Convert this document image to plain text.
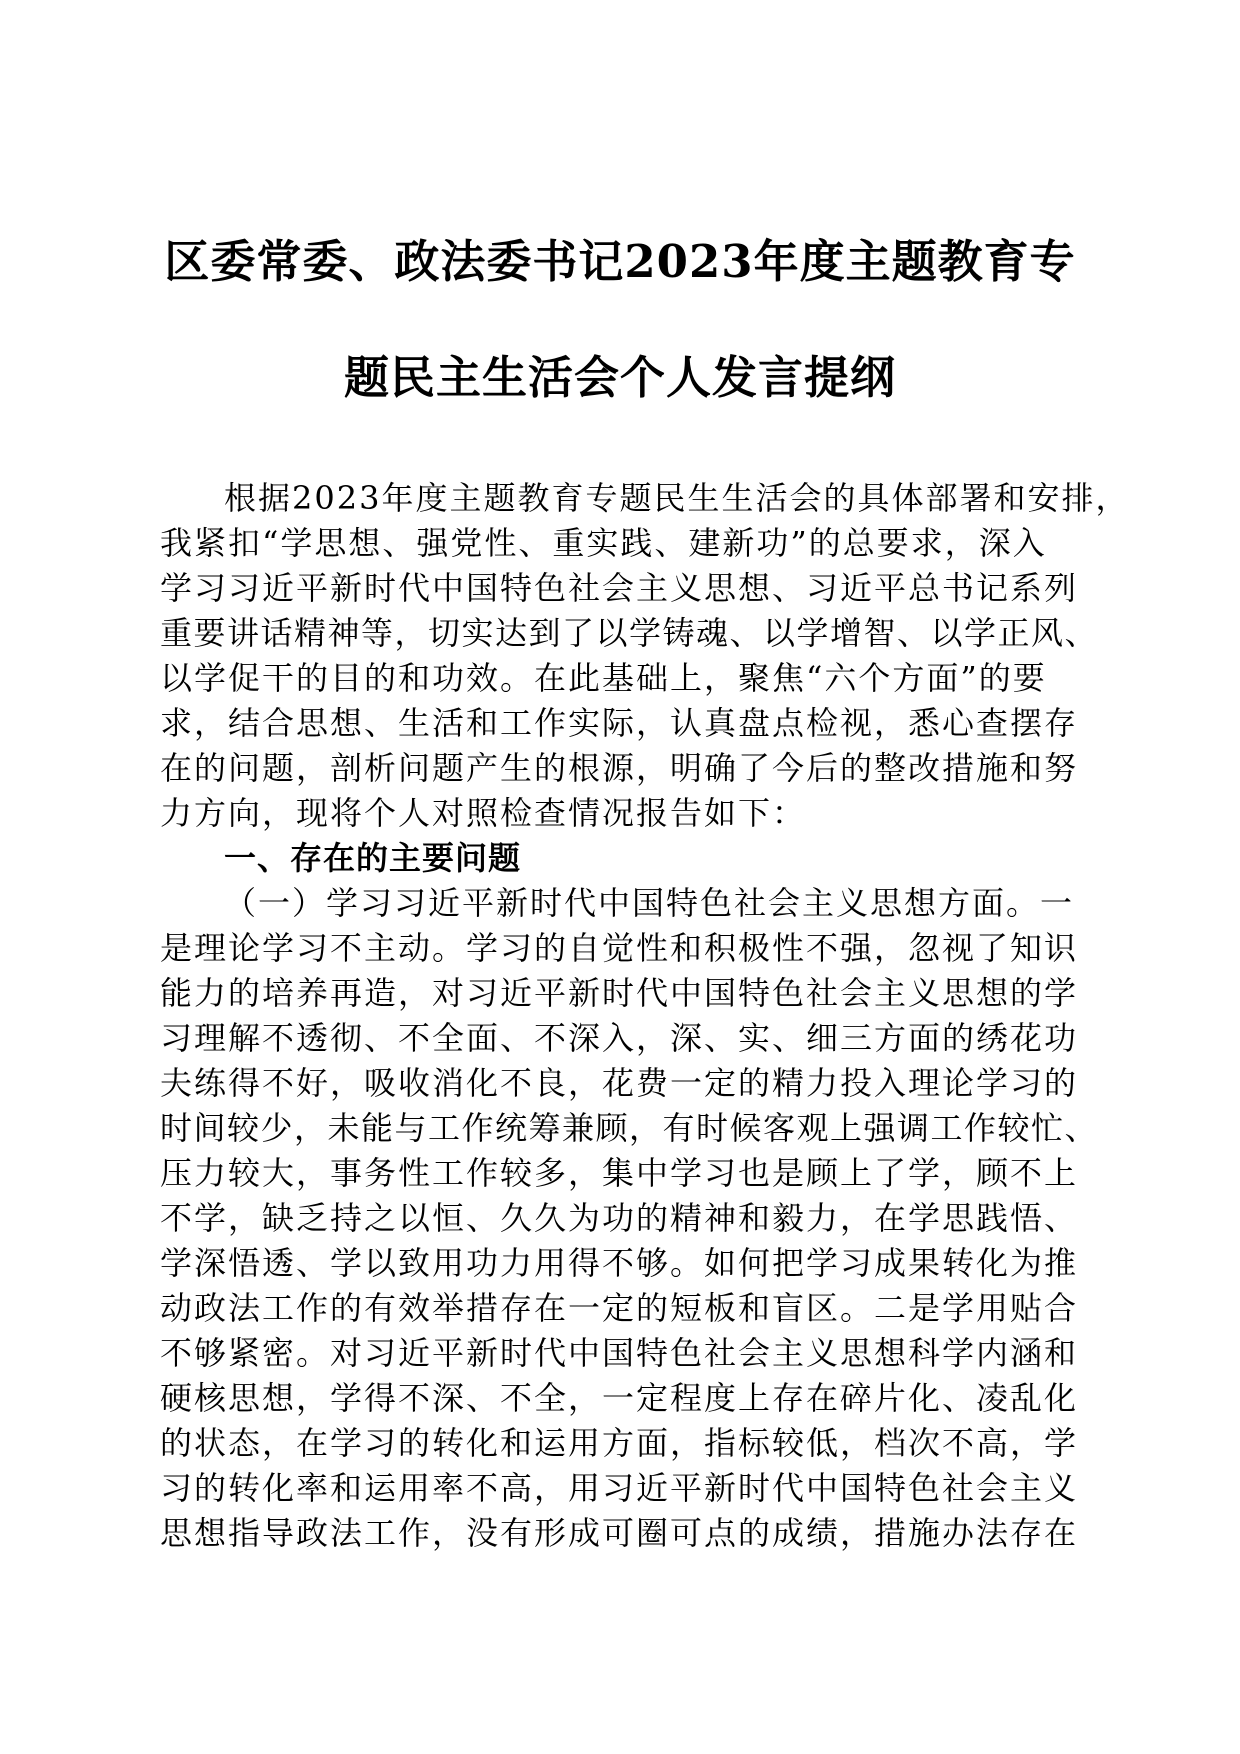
区委常委、政法委书记2023年度主题教育专
题民主生活会个人发言提纲
根据2023年度主题教育专题民生生活会的具体部署和安排，
我紧扣“学思想、强党性、重实践、建新功”的总要求，深入
学习习近平新时代中国特色社会主义思想、习近平总书记系列
重要讲话精神等，切实达到了以学铸魂、以学增智、以学正风、
以学促干的目的和功效。在此基础上，聚焦“六个方面”的要
求，结合思想、生活和工作实际，认真盘点检视，悉心查摆存
在的问题，剖析问题产生的根源，明确了今后的整改措施和努
力方向，现将个人对照检查情况报告如下：
一、存在的主要问题
（一）学习习近平新时代中国特色社会主义思想方面。一
是理论学习不主动。学习的自觉性和积极性不强，忽视了知识
能力的培养再造，对习近平新时代中国特色社会主义思想的学
习理解不透彻、不全面、不深入，深、实、细三方面的绣花功
夫练得不好，吸收消化不良，花费一定的精力投入理论学习的
时间较少，未能与工作统筹兼顾，有时候客观上强调工作较忙、
压力较大，事务性工作较多，集中学习也是顾上了学，顾不上
不学，缺乏持之以恒、久久为功的精神和毅力，在学思践悟、
学深悟透、学以致用功力用得不够。如何把学习成果转化为推
动政法工作的有效举措存在一定的短板和盲区。二是学用贴合
不够紧密。对习近平新时代中国特色社会主义思想科学内涵和
硬核思想，学得不深、不全，一定程度上存在碎片化、凌乱化
的状态，在学习的转化和运用方面，指标较低，档次不高，学
习的转化率和运用率不高，用习近平新时代中国特色社会主义
思想指导政法工作，没有形成可圈可点的成绩，措施办法存在
